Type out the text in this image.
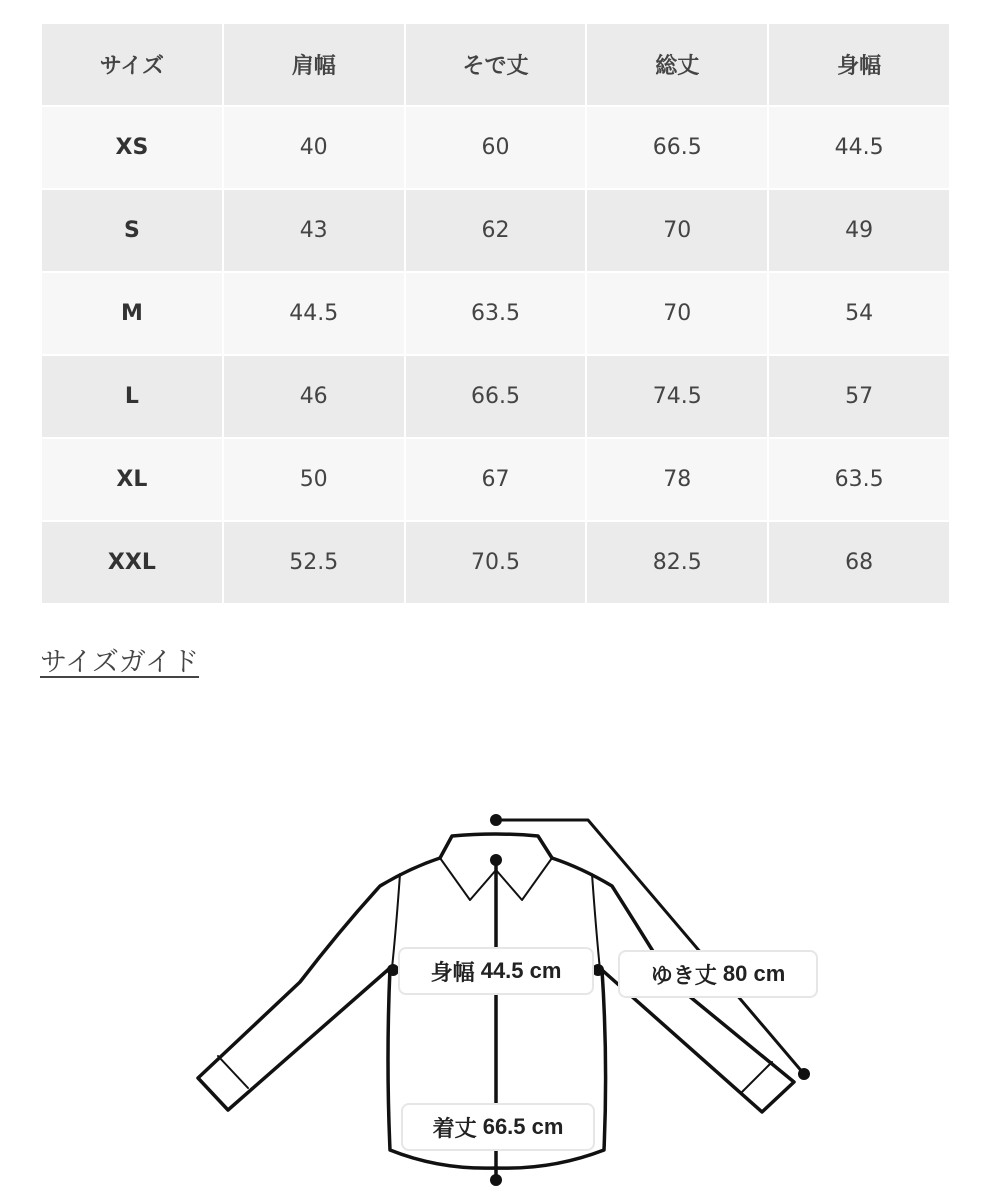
サイズ	肩幅	そで丈	総丈	身幅
XS	40	60	66.5	44.5
S	43	62	70	49
M	44.5	63.5	70	54
L	46	66.5	74.5	57
XL	50	67	78	63.5
XXL	52.5	70.5	82.5	68
サイズガイド
身幅
44.5 cm	ゆき丈
80 cm
着丈
66.5 cm
